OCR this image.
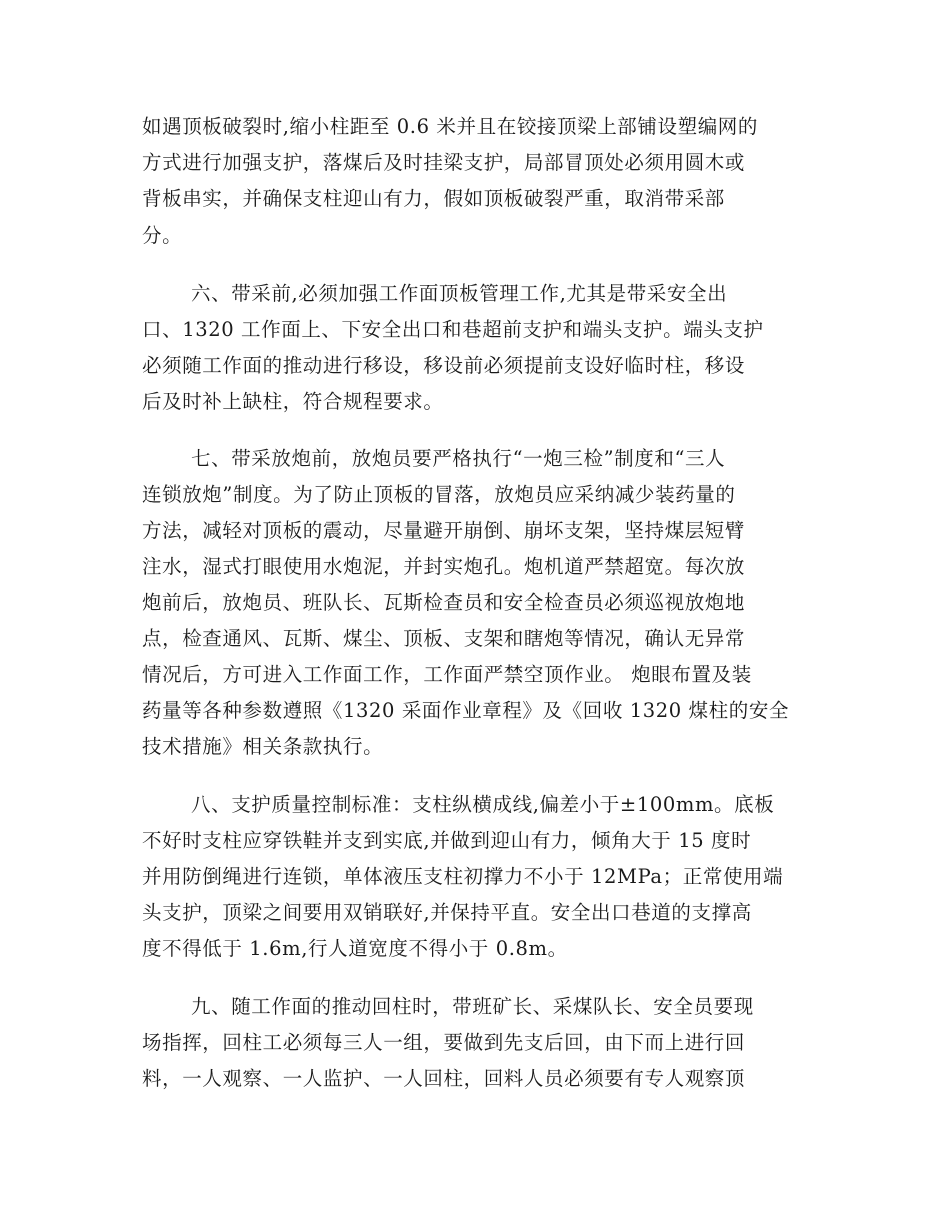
如遇顶板破裂时,缩小柱距至 0.6 米并且在铰接顶梁上部铺设塑编网的
方式进行加强支护，落煤后及时挂梁支护，局部冒顶处必须用圆木或
背板串实，并确保支柱迎山有力，假如顶板破裂严重，取消带采部
分。
六、带采前,必须加强工作面顶板管理工作,尤其是带采安全出
口、1320 工作面上、下安全出口和巷超前支护和端头支护。端头支护
必须随工作面的推动进行移设，移设前必须提前支设好临时柱，移设
后及时补上缺柱，符合规程要求。
七、带采放炮前，放炮员要严格执行“一炮三检”制度和“三人
连锁放炮”制度。为了防止顶板的冒落，放炮员应采纳减少装药量的
方法，减轻对顶板的震动，尽量避开崩倒、崩坏支架，坚持煤层短臂
注水，湿式打眼使用水炮泥，并封实炮孔。炮机道严禁超宽。每次放
炮前后，放炮员、班队长、瓦斯检查员和安全检查员必须巡视放炮地
点，检查通风、瓦斯、煤尘、顶板、支架和瞎炮等情况，确认无异常
情况后，方可进入工作面工作，工作面严禁空顶作业。 炮眼布置及装
药量等各种参数遵照《1320 采面作业章程》及《回收 1320 煤柱的安全
技术措施》相关条款执行。
八、支护质量控制标准：支柱纵横成线,偏差小于±100mm。底板
不好时支柱应穿铁鞋并支到实底,并做到迎山有力，倾角大于 15 度时
并用防倒绳进行连锁，单体液压支柱初撑力不小于 12MPa；正常使用端
头支护，顶梁之间要用双销联好,并保持平直。安全出口巷道的支撑高
度不得低于 1.6m,行人道宽度不得小于 0.8m。
九、随工作面的推动回柱时，带班矿长、采煤队长、安全员要现
场指挥，回柱工必须每三人一组，要做到先支后回，由下而上进行回
料，一人观察、一人监护、一人回柱，回料人员必须要有专人观察顶
